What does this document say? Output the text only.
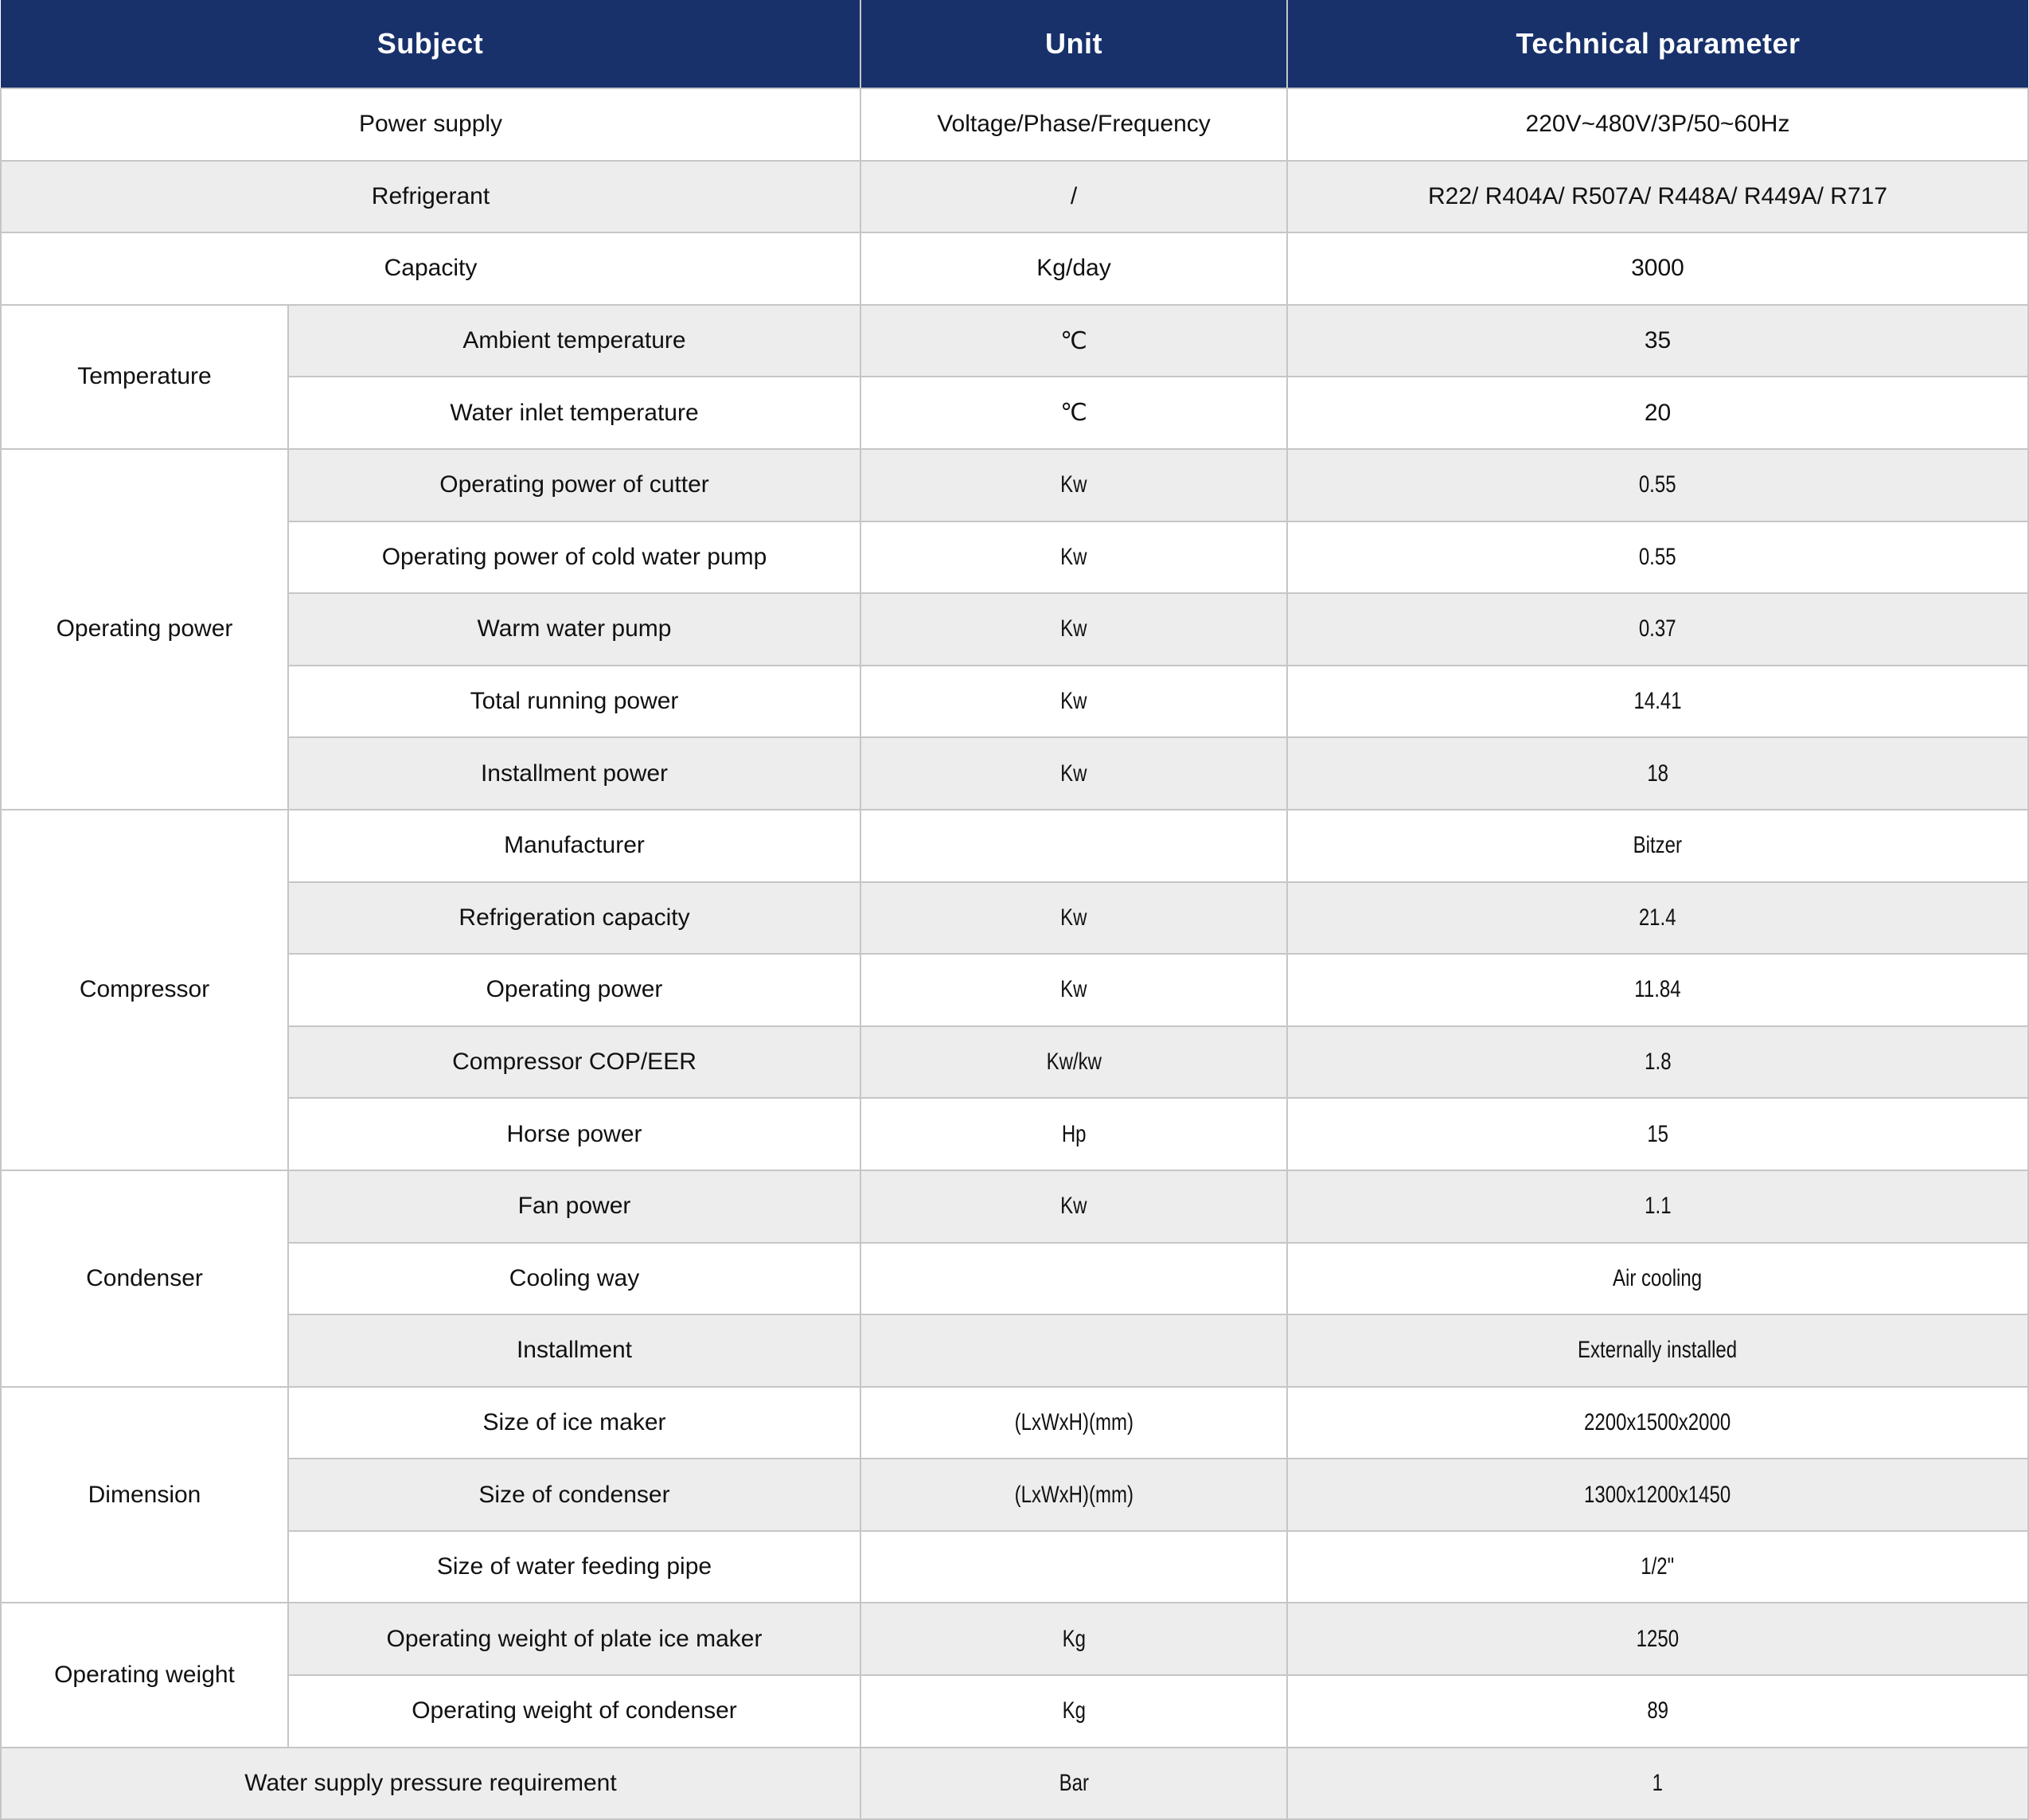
Subject		Unit	Technical parameter
Power supply		Voltage/Phase/Frequency	220V~480V/3P/50~60Hz
Refrigerant		/	R22/ R404A/ R507A/ R448A/ R449A/ R717
Capacity		Kg/day	3000
Temperature	Ambient temperature	℃	35
	Water inlet temperature	℃	20
Operating power	Operating power of cutter	Kw	0.55
	Operating power of cold water pump	Kw	0.55
	Warm water pump	Kw	0.37
	Total running power	Kw	14.41
	Installment power	Kw	18
Compressor	Manufacturer		Bitzer
	Refrigeration capacity	Kw	21.4
	Operating power	Kw	11.84
	Compressor COP/EER	Kw/kw	1.8
	Horse power	Hp	15
Condenser	Fan power	Kw	1.1
	Cooling way		Air cooling
	Installment		Externally installed
Dimension	Size of ice maker	(LxWxH)(mm)	2200x1500x2000
	Size of condenser	(LxWxH)(mm)	1300x1200x1450
	Size of water feeding pipe		1/2"
Operating weight	Operating weight of plate ice maker	Kg	1250
	Operating weight of condenser	Kg	89
Water supply pressure requirement		Bar	1
